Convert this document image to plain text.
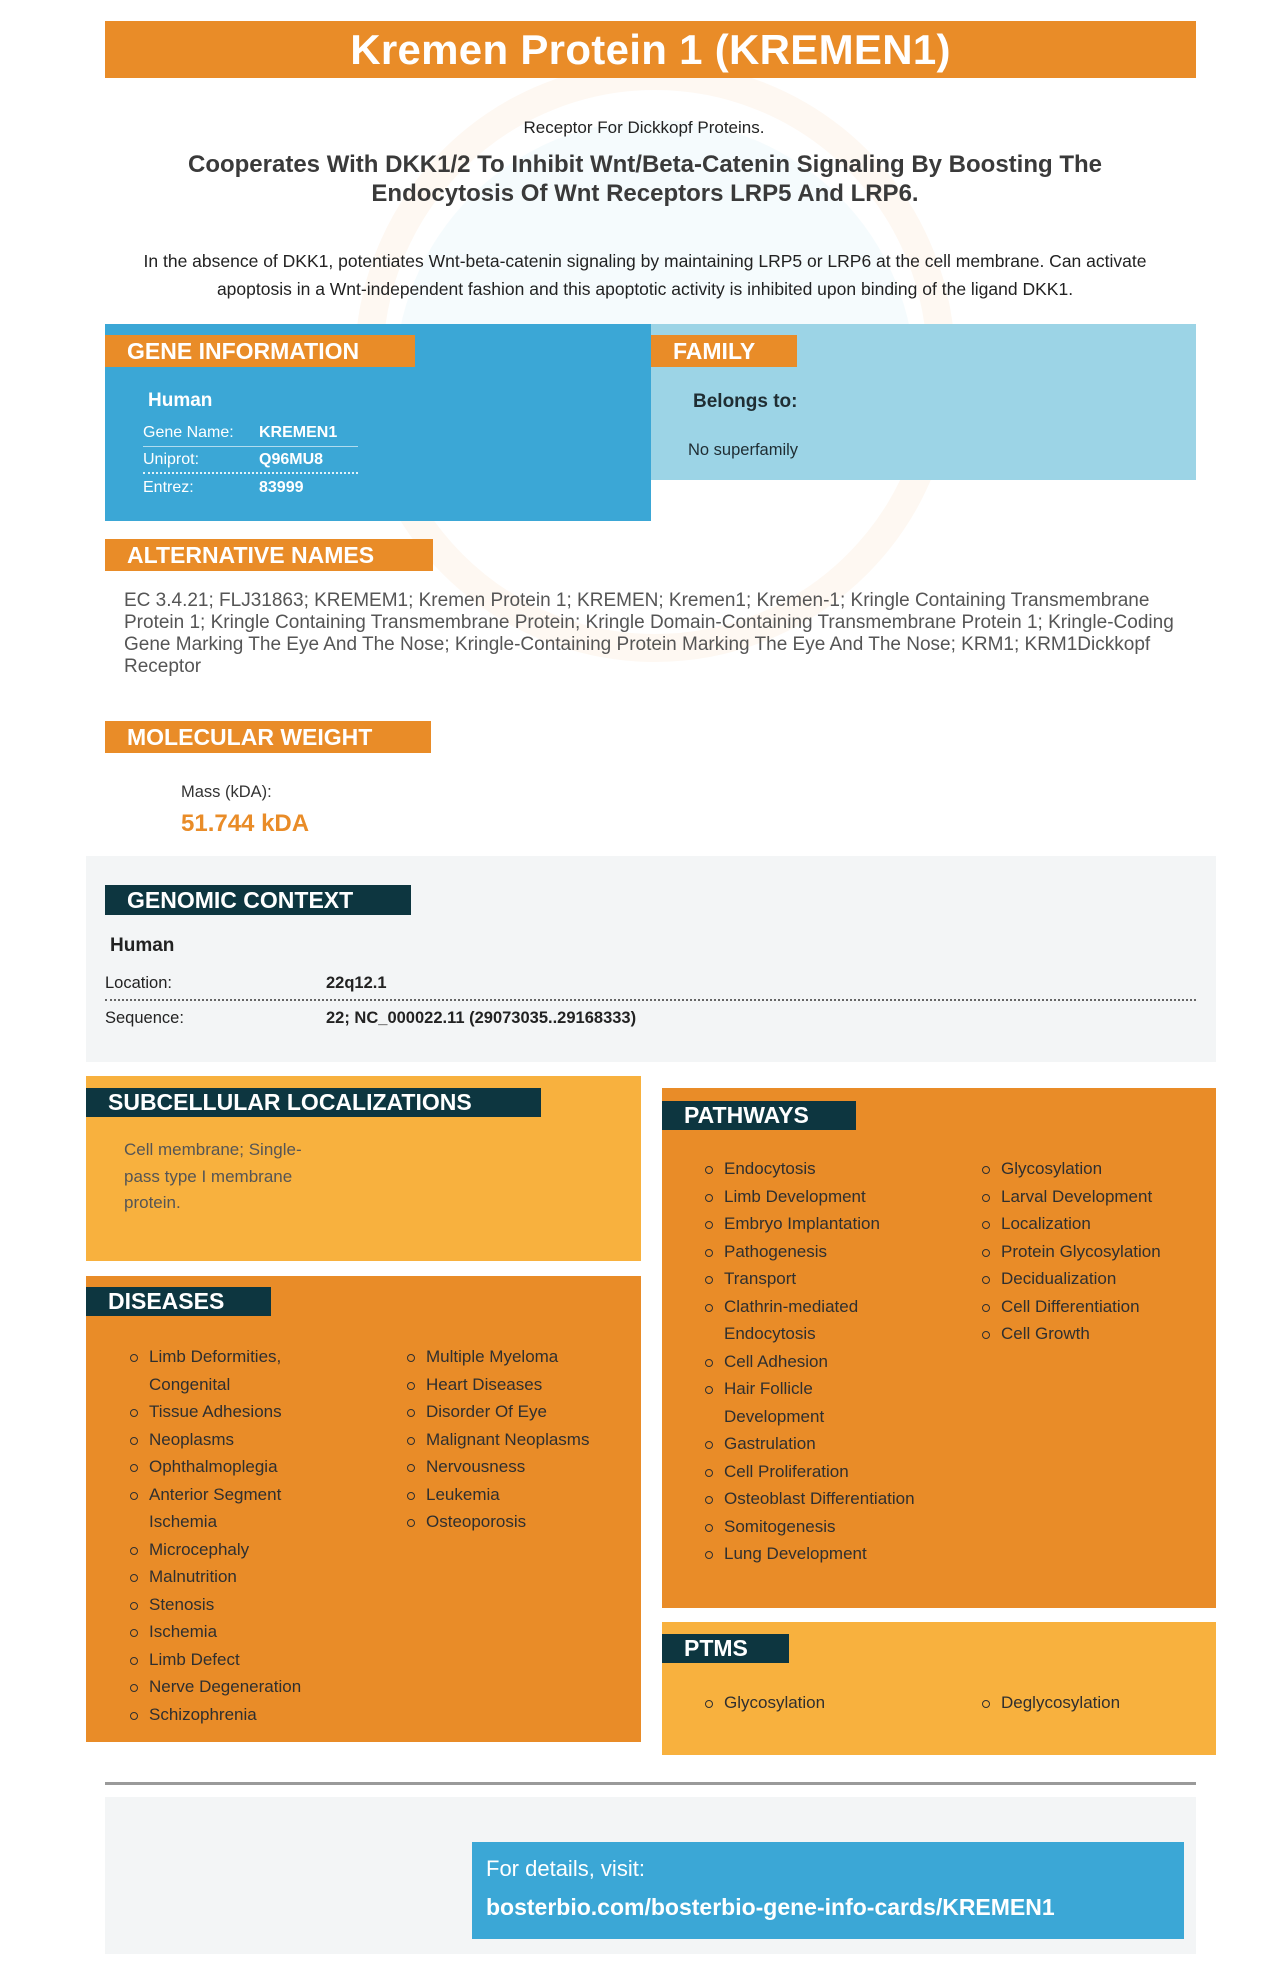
Kremen Protein 1 (KREMEN1)
Receptor For Dickkopf Proteins.
Cooperates With DKK1/2 To Inhibit Wnt/Beta-Catenin Signaling By Boosting The Endocytosis Of Wnt Receptors LRP5 And LRP6.
In the absence of DKK1, potentiates Wnt-beta-catenin signaling by maintaining LRP5 or LRP6 at the cell membrane. Can activate apoptosis in a Wnt-independent fashion and this apoptotic activity is inhibited upon binding of the ligand DKK1.
GENE INFORMATION
Human
Gene Name:	KREMEN1
Uniprot:	Q96MU8
Entrez:	83999
FAMILY
Belongs to:
No superfamily
ALTERNATIVE NAMES
EC 3.4.21; FLJ31863; KREMEM1; Kremen Protein 1; KREMEN; Kremen1; Kremen-1; Kringle Containing Transmembrane Protein 1; Kringle Containing Transmembrane Protein; Kringle Domain-Containing Transmembrane Protein 1; Kringle-Coding Gene Marking The Eye And The Nose; Kringle-Containing Protein Marking The Eye And The Nose; KRM1; KRM1Dickkopf Receptor
MOLECULAR WEIGHT
Mass (kDA):
51.744 kDA
GENOMIC CONTEXT
Human
Location:	22q12.1
Sequence:	22; NC_000022.11 (29073035..29168333)
SUBCELLULAR LOCALIZATIONS
Cell membrane; Single-pass type I membrane protein.
DISEASES
Limb Deformities, Congenital
Tissue Adhesions
Neoplasms
Ophthalmoplegia
Anterior Segment Ischemia
Microcephaly
Malnutrition
Stenosis
Ischemia
Limb Defect
Nerve Degeneration
Schizophrenia
Multiple Myeloma
Heart Diseases
Disorder Of Eye
Malignant Neoplasms
Nervousness
Leukemia
Osteoporosis
PATHWAYS
Endocytosis
Limb Development
Embryo Implantation
Pathogenesis
Transport
Clathrin-mediated Endocytosis
Cell Adhesion
Hair Follicle Development
Gastrulation
Cell Proliferation
Osteoblast Differentiation
Somitogenesis
Lung Development
Glycosylation
Larval Development
Localization
Protein Glycosylation
Decidualization
Cell Differentiation
Cell Growth
PTMS
Glycosylation	Deglycosylation
For details, visit:
bosterbio.com/bosterbio-gene-info-cards/KREMEN1
